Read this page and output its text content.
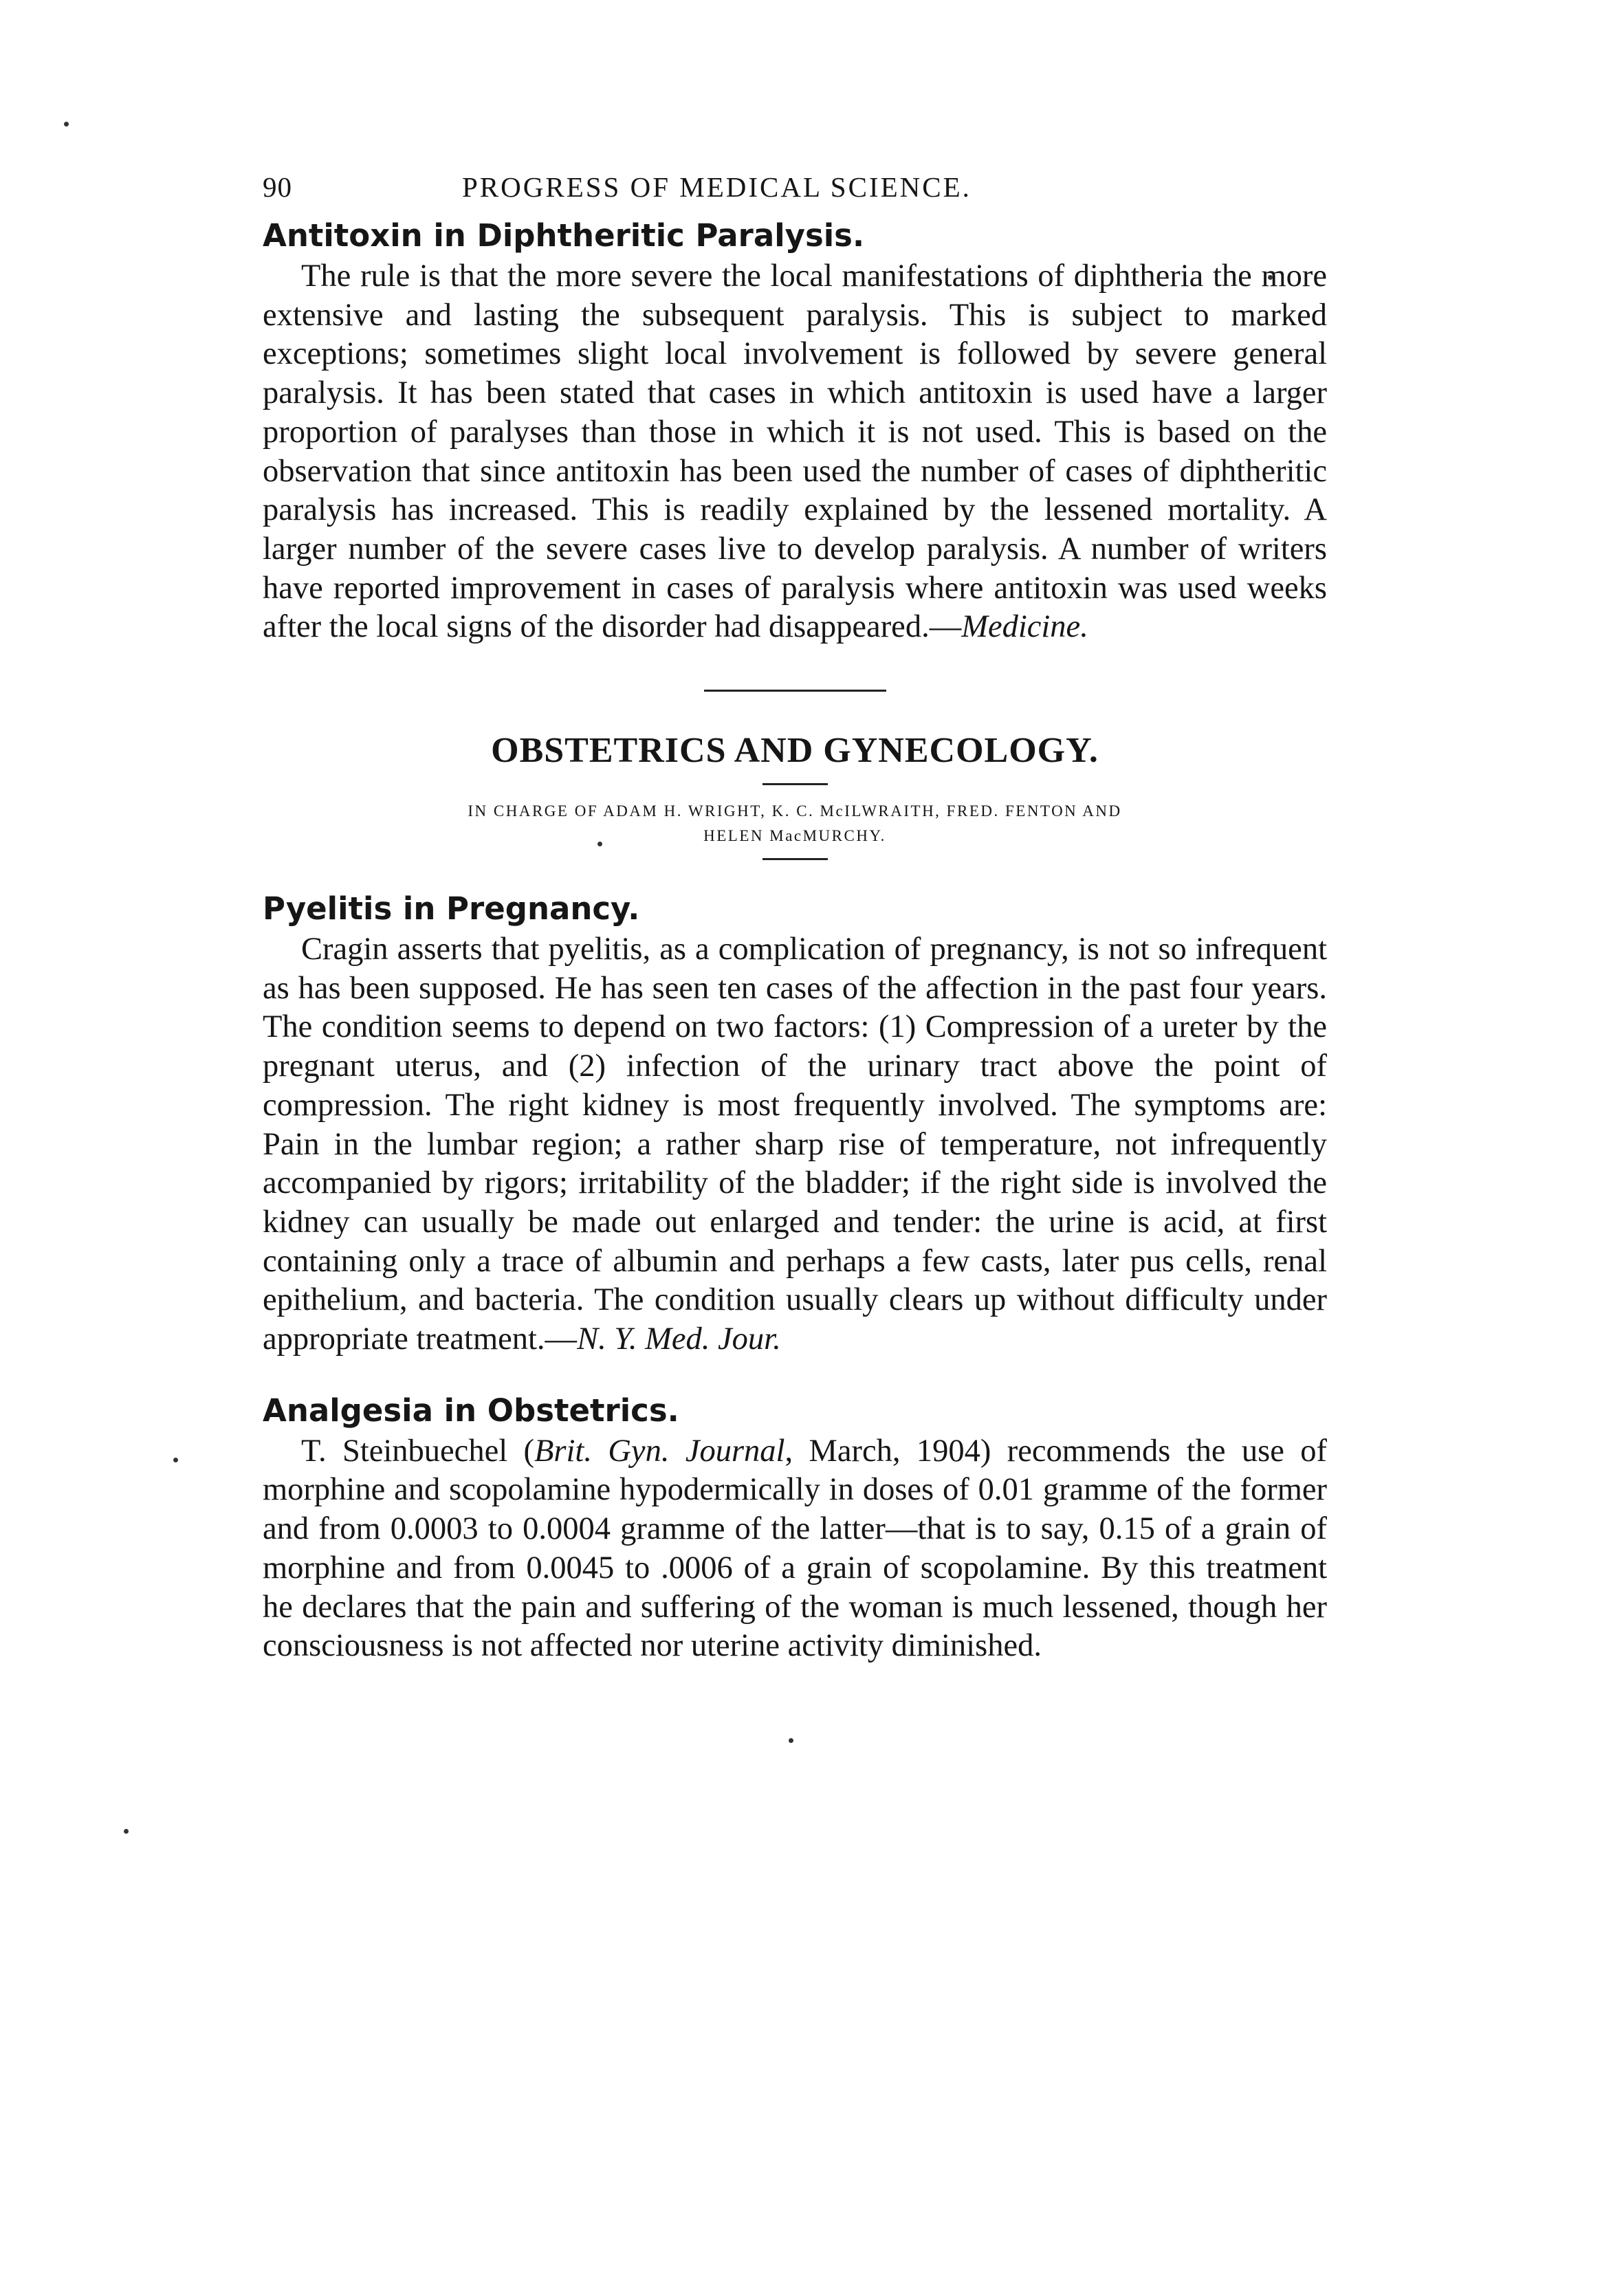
90	PROGRESS OF MEDICAL SCIENCE.
Antitoxin in Diphtheritic Paralysis.

The rule is that the more severe the local manifestations of diphtheria the more extensive and lasting the subsequent paralysis. This is subject to marked exceptions; sometimes slight local involvement is followed by severe general paralysis. It has been stated that cases in which antitoxin is used have a larger proportion of paralyses than those in which it is not used. This is based on the observation that since antitoxin has been used the number of cases of diphtheritic paralysis has increased. This is readily explained by the lessened mortality. A larger number of the severe cases live to develop paralysis. A number of writers have reported improvement in cases of paralysis where antitoxin was used weeks after the local signs of the disorder had disappeared.—Medicine.

OBSTETRICS AND GYNECOLOGY.

IN CHARGE OF ADAM H. WRIGHT, K. C. McILWRAITH, FRED. FENTON AND
HELEN MacMURCHY.

Pyelitis in Pregnancy.

Cragin asserts that pyelitis, as a complication of pregnancy, is not so infrequent as has been supposed. He has seen ten cases of the affection in the past four years. The condition seems to depend on two factors: (1) Compression of a ureter by the pregnant uterus, and (2) infection of the urinary tract above the point of compression. The right kidney is most frequently involved. The symptoms are: Pain in the lumbar region; a rather sharp rise of temperature, not infrequently accompanied by rigors; irritability of the bladder; if the right side is involved the kidney can usually be made out enlarged and tender: the urine is acid, at first containing only a trace of albumin and perhaps a few casts, later pus cells, renal epithelium, and bacteria. The condition usually clears up without difficulty under appropriate treatment.—N. Y. Med. Jour.

Analgesia in Obstetrics.

T. Steinbuechel (Brit. Gyn. Journal, March, 1904) recommends the use of morphine and scopolamine hypodermically in doses of 0.01 gramme of the former and from 0.0003 to 0.0004 gramme of the latter—that is to say, 0.15 of a grain of morphine and from 0.0045 to .0006 of a grain of scopolamine. By this treatment he declares that the pain and suffering of the woman is much lessened, though her consciousness is not affected nor uterine activity diminished.
